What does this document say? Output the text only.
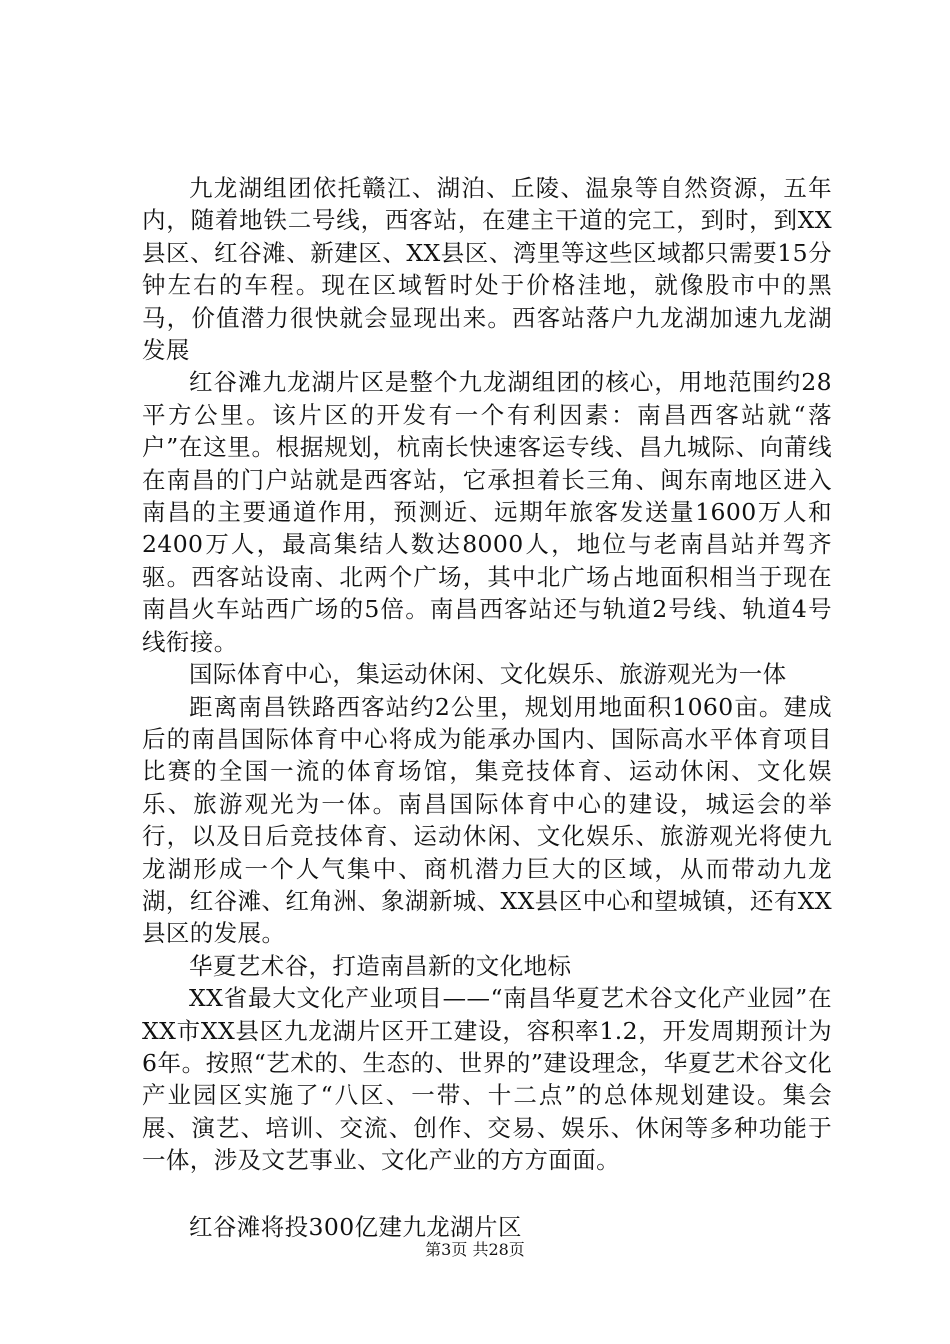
九龙湖组团依托赣江、湖泊、丘陵、温泉等自然资源，五年内，随着地铁二号线，西客站，在建主干道的完工，到时，到XX县区、红谷滩、新建区、XX县区、湾里等这些区域都只需要15分钟左右的车程。现在区域暂时处于价格洼地，就像股市中的黑马，价值潜力很快就会显现出来。西客站落户九龙湖加速九龙湖发展

红谷滩九龙湖片区是整个九龙湖组团的核心，用地范围约28平方公里。该片区的开发有一个有利因素：南昌西客站就“落户”在这里。根据规划，杭南长快速客运专线、昌九城际、向莆线在南昌的门户站就是西客站，它承担着长三角、闽东南地区进入南昌的主要通道作用，预测近、远期年旅客发送量1600万人和2400万人，最高集结人数达8000人，地位与老南昌站并驾齐驱。西客站设南、北两个广场，其中北广场占地面积相当于现在南昌火车站西广场的5倍。南昌西客站还与轨道2号线、轨道4号线衔接。

国际体育中心，集运动休闲、文化娱乐、旅游观光为一体

距离南昌铁路西客站约2公里，规划用地面积1060亩。建成后的南昌国际体育中心将成为能承办国内、国际高水平体育项目比赛的全国一流的体育场馆，集竞技体育、运动休闲、文化娱乐、旅游观光为一体。南昌国际体育中心的建设，城运会的举行，以及日后竞技体育、运动休闲、文化娱乐、旅游观光将使九龙湖形成一个人气集中、商机潜力巨大的区域，从而带动九龙湖，红谷滩、红角洲、象湖新城、XX县区中心和望城镇，还有XX县区的发展。

华夏艺术谷，打造南昌新的文化地标

XX省最大文化产业项目——“南昌华夏艺术谷文化产业园”在XX市XX县区九龙湖片区开工建设，容积率1.2，开发周期预计为6年。按照“艺术的、生态的、世界的”建设理念，华夏艺术谷文化产业园区实施了“八区、一带、十二点”的总体规划建设。集会展、演艺、培训、交流、创作、交易、娱乐、休闲等多种功能于一体，涉及文艺事业、文化产业的方方面面。

红谷滩将投300亿建九龙湖片区

第3页 共28页
